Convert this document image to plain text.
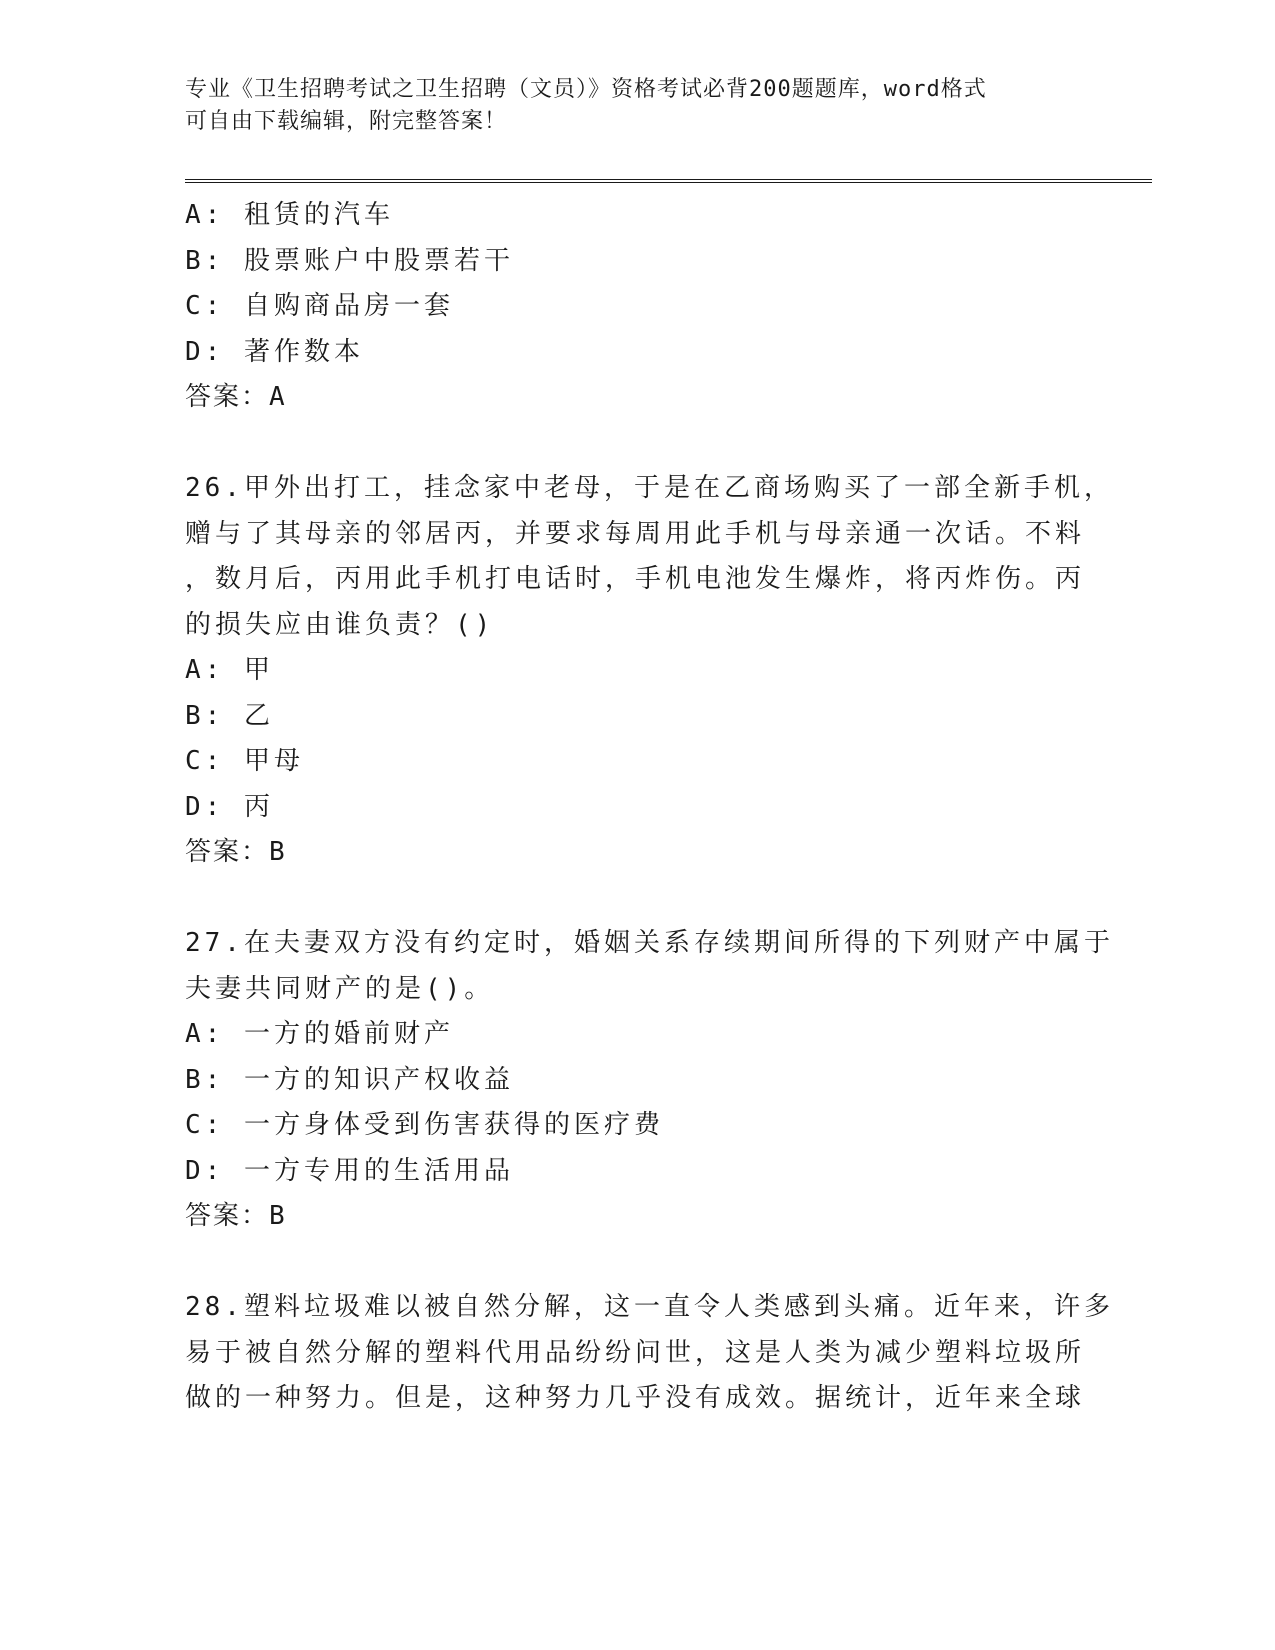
专业《卫生招聘考试之卫生招聘（文员）》资格考试必背200题题库，word格式
可自由下载编辑，附完整答案！
A: 租赁的汽车
B: 股票账户中股票若干
C: 自购商品房一套
D: 著作数本
答案：A
26.甲外出打工，挂念家中老母，于是在乙商场购买了一部全新手机，
赠与了其母亲的邻居丙，并要求每周用此手机与母亲通一次话。不料
，数月后，丙用此手机打电话时，手机电池发生爆炸，将丙炸伤。丙
的损失应由谁负责？()
A: 甲
B: 乙
C: 甲母
D: 丙
答案：B
27.在夫妻双方没有约定时，婚姻关系存续期间所得的下列财产中属于
夫妻共同财产的是()。
A: 一方的婚前财产
B: 一方的知识产权收益
C: 一方身体受到伤害获得的医疗费
D: 一方专用的生活用品
答案：B
28.塑料垃圾难以被自然分解，这一直令人类感到头痛。近年来，许多
易于被自然分解的塑料代用品纷纷问世，这是人类为减少塑料垃圾所
做的一种努力。但是，这种努力几乎没有成效。据统计，近年来全球
